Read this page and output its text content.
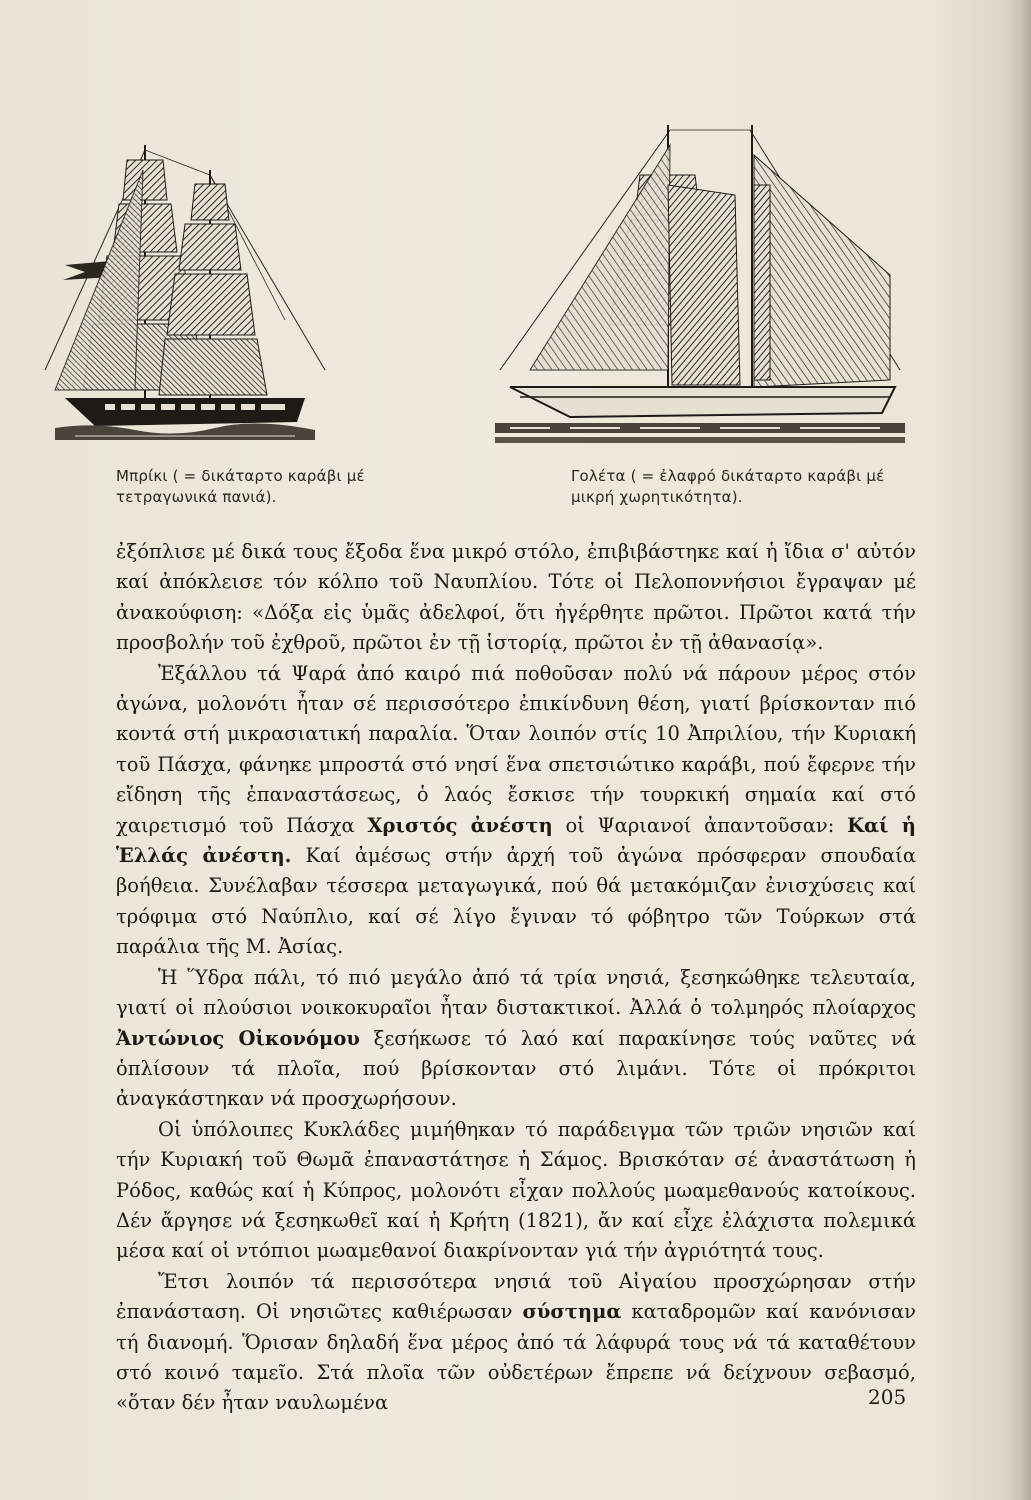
Μπρίκι ( = δικάταρτο καράβι μέ τετραγωνικά πανιά).
Γολέτα ( = ἐλαφρό δικάταρτο καράβι μέ μικρή χωρητικότητα).

ἐξόπλισε μέ δικά τους ἔξοδα ἕνα μικρό στόλο, ἐπιβιβάστηκε καί ἡ ἴδια σ' αὐτόν καί ἀπόκλεισε τόν κόλπο τοῦ Ναυπλίου. Τότε οἱ Πελοποννήσιοι ἔγραψαν μέ ἀνακούφιση: «Δόξα εἰς ὑμᾶς ἀδελφοί, ὅτι ἠγέρθητε πρῶτοι. Πρῶτοι κατά τήν προσβολήν τοῦ ἐχθροῦ, πρῶτοι ἐν τῇ ἱστορίᾳ, πρῶτοι ἐν τῇ ἀθανασίᾳ».

Ἐξάλλου τά Ψαρά ἀπό καιρό πιά ποθοῦσαν πολύ νά πάρουν μέρος στόν ἀγώνα, μολονότι ἦταν σέ περισσότερο ἐπικίνδυνη θέση, γιατί βρίσκονταν πιό κοντά στή μικρασιατική παραλία. Ὅταν λοιπόν στίς 10 Ἀπριλίου, τήν Κυριακή τοῦ Πάσχα, φάνηκε μπροστά στό νησί ἕνα σπετσιώτικο καράβι, πού ἔφερνε τήν εἴδηση τῆς ἐπαναστάσεως, ὁ λαός ἔσκισε τήν τουρκική σημαία καί στό χαιρετισμό τοῦ Πάσχα Χριστός ἀνέστη οἱ Ψαριανοί ἀπαντοῦσαν: Καί ἡ Ἑλλάς ἀνέστη. Καί ἀμέσως στήν ἀρχή τοῦ ἀγώνα πρόσφεραν σπουδαία βοήθεια. Συνέλαβαν τέσσερα μεταγωγικά, πού θά μετακόμιζαν ἐνισχύσεις καί τρόφιμα στό Ναύπλιο, καί σέ λίγο ἔγιναν τό φόβητρο τῶν Τούρκων στά παράλια τῆς Μ. Ἀσίας.

Ἡ Ὕδρα πάλι, τό πιό μεγάλο ἀπό τά τρία νησιά, ξεσηκώθηκε τελευταία, γιατί οἱ πλούσιοι νοικοκυραῖοι ἦταν διστακτικοί. Ἀλλά ὁ τολμηρός πλοίαρχος Ἀντώνιος Οἰκονόμου ξεσήκωσε τό λαό καί παρακίνησε τούς ναῦτες νά ὁπλίσουν τά πλοῖα, πού βρίσκονταν στό λιμάνι. Τότε οἱ πρόκριτοι ἀναγκάστηκαν νά προσχωρήσουν.

Οἱ ὑπόλοιπες Κυκλάδες μιμήθηκαν τό παράδειγμα τῶν τριῶν νησιῶν καί τήν Κυριακή τοῦ Θωμᾶ ἐπαναστάτησε ἡ Σάμος. Βρισκόταν σέ ἀναστάτωση ἡ Ρόδος, καθώς καί ἡ Κύπρος, μολονότι εἶχαν πολλούς μωαμεθανούς κατοίκους. Δέν ἄργησε νά ξεσηκωθεῖ καί ἡ Κρήτη (1821), ἄν καί εἶχε ἐλάχιστα πολεμικά μέσα καί οἱ ντόπιοι μωαμεθανοί διακρίνονταν γιά τήν ἀγριότητά τους.

Ἔτσι λοιπόν τά περισσότερα νησιά τοῦ Αἰγαίου προσχώρησαν στήν ἐπανάσταση. Οἱ νησιῶτες καθιέρωσαν σύστημα καταδρομῶν καί κανόνισαν τή διανομή. Ὅρισαν δηλαδή ἕνα μέρος ἀπό τά λάφυρά τους νά τά καταθέτουν στό κοινό ταμεῖο. Στά πλοῖα τῶν οὐδετέρων ἔπρεπε νά δείχνουν σεβασμό, «ὅταν δέν ἦταν ναυλωμένα	205
